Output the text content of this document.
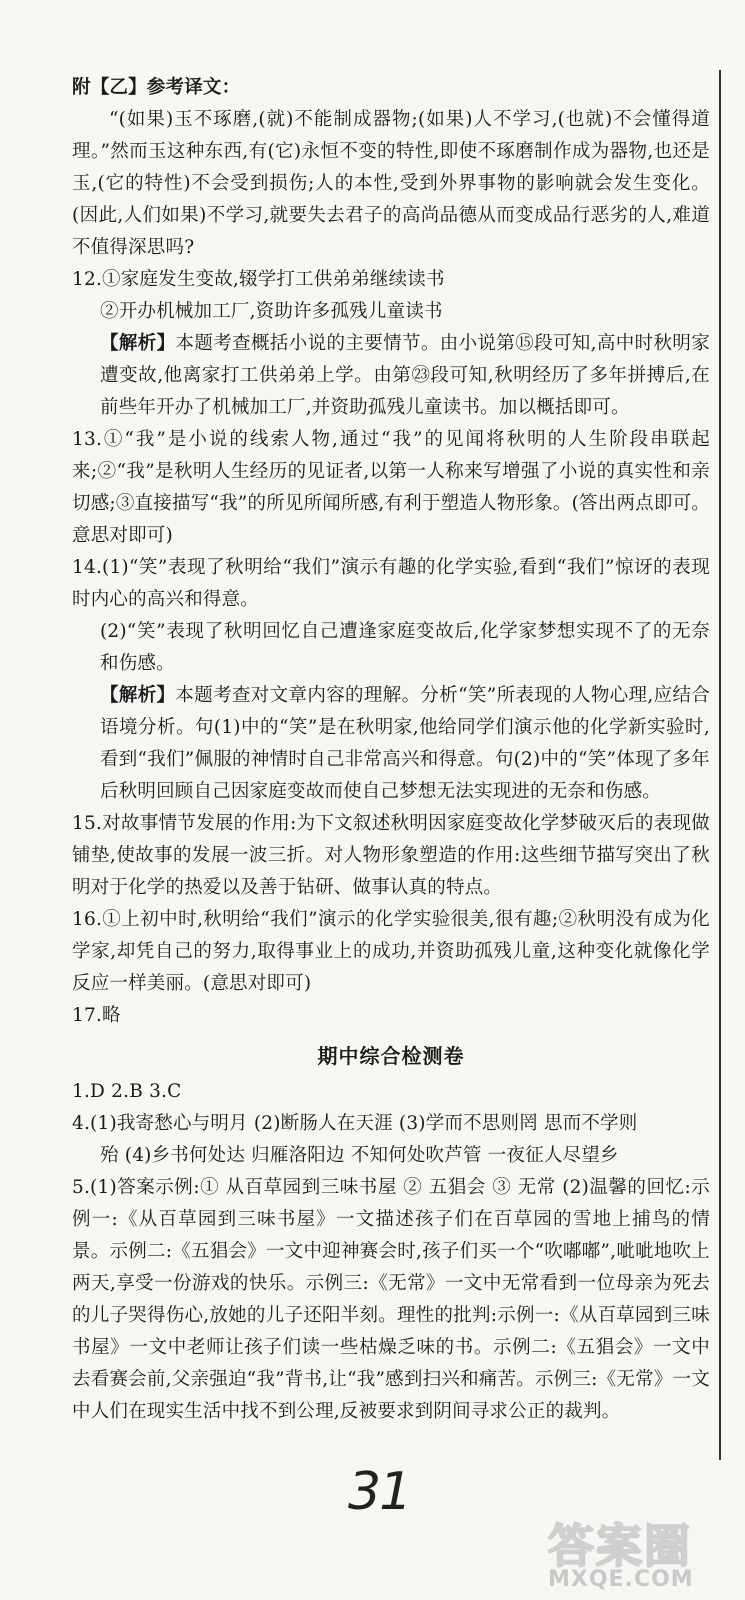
附【乙】参考译文：

“(如果)玉不琢磨,(就)不能制成器物;(如果)人不学习,(也就)不会懂得道理。”然而玉这种东西,有(它)永恒不变的特性,即使不琢磨制作成为器物,也还是玉,(它的特性)不会受到损伤;人的本性,受到外界事物的影响就会发生变化。(因此,人们如果)不学习,就要失去君子的高尚品德从而变成品行恶劣的人,难道不值得深思吗?

12.①家庭发生变故,辍学打工供弟弟继续读书

②开办机械加工厂,资助许多孤残儿童读书

【解析】本题考查概括小说的主要情节。由小说第⑮段可知,高中时秋明家遭变故,他离家打工供弟弟上学。由第㉓段可知,秋明经历了多年拼搏后,在前些年开办了机械加工厂,并资助孤残儿童读书。加以概括即可。

13.①“我”是小说的线索人物,通过“我”的见闻将秋明的人生阶段串联起来;②“我”是秋明人生经历的见证者,以第一人称来写增强了小说的真实性和亲切感;③直接描写“我”的所见所闻所感,有利于塑造人物形象。(答出两点即可。意思对即可)

14.(1)“笑”表现了秋明给“我们”演示有趣的化学实验,看到“我们”惊讶的表现时内心的高兴和得意。

(2)“笑”表现了秋明回忆自己遭逢家庭变故后,化学家梦想实现不了的无奈和伤感。

【解析】本题考查对文章内容的理解。分析“笑”所表现的人物心理,应结合语境分析。句(1)中的“笑”是在秋明家,他给同学们演示他的化学新实验时,看到“我们”佩服的神情时自己非常高兴和得意。句(2)中的“笑”体现了多年后秋明回顾自己因家庭变故而使自己梦想无法实现进的无奈和伤感。

15.对故事情节发展的作用:为下文叙述秋明因家庭变故化学梦破灭后的表现做铺垫,使故事的发展一波三折。对人物形象塑造的作用:这些细节描写突出了秋明对于化学的热爱以及善于钻研、做事认真的特点。

16.①上初中时,秋明给“我们”演示的化学实验很美,很有趣;②秋明没有成为化学家,却凭自己的努力,取得事业上的成功,并资助孤残儿童,这种变化就像化学反应一样美丽。(意思对即可)

17.略

期中综合检测卷

1.D 2.B 3.C

4.(1)我寄愁心与明月 (2)断肠人在天涯 (3)学而不思则罔 思而不学则

殆 (4)乡书何处达 归雁洛阳边 不知何处吹芦管 一夜征人尽望乡

5.(1)答案示例:① 从百草园到三味书屋 ② 五猖会 ③ 无常 (2)温馨的回忆:示例一:《从百草园到三味书屋》一文描述孩子们在百草园的雪地上捕鸟的情景。示例二:《五猖会》一文中迎神赛会时,孩子们买一个“吹嘟嘟”,呲呲地吹上两天,享受一份游戏的快乐。示例三:《无常》一文中无常看到一位母亲为死去的儿子哭得伤心,放她的儿子还阳半刻。理性的批判:示例一:《从百草园到三味书屋》一文中老师让孩子们读一些枯燥乏味的书。示例二:《五猖会》一文中去看赛会前,父亲强迫“我”背书,让“我”感到扫兴和痛苦。示例三:《无常》一文中人们在现实生活中找不到公理,反被要求到阴间寻求公正的裁判。

31
答案圈
MXQE.COM
